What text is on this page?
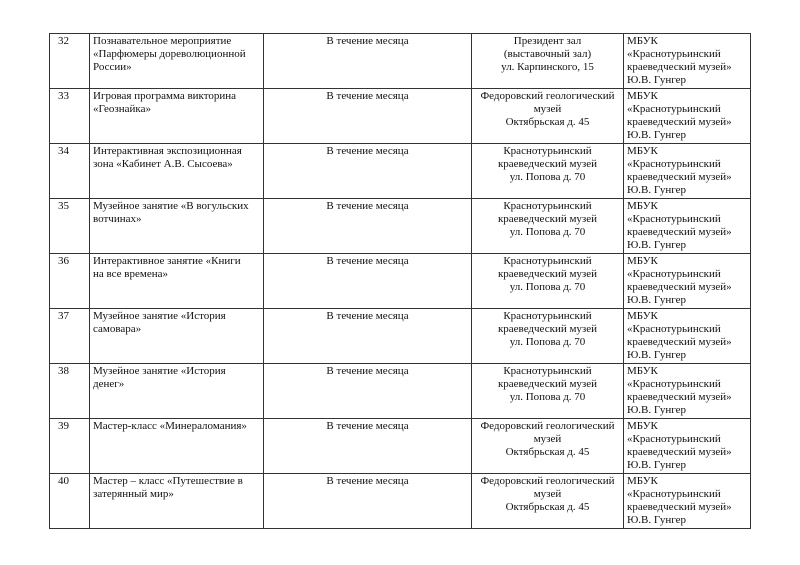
32	Познавательное мероприятие
«Парфюмеры дореволюционной
России»	В течение месяца	Президент зал
(выставочный зал)
ул. Карпинского, 15	МБУК
«Краснотурьинский
краеведческий музей»
Ю.В. Гунгер

33	Игровая программа викторина
«Геознайка»	В течение месяца	Федоровский геологический
музей
Октябрьская д. 45	МБУК
«Краснотурьинский
краеведческий музей»
Ю.В. Гунгер

34	Интерактивная экспозиционная
зона «Кабинет А.В. Сысоева»	В течение месяца	Краснотурьинский
краеведческий музей
ул. Попова д. 70	МБУК
«Краснотурьинский
краеведческий музей»
Ю.В. Гунгер

35	Музейное занятие «В вогульских
вотчинах»	В течение месяца	Краснотурьинский
краеведческий музей
ул. Попова д. 70	МБУК
«Краснотурьинский
краеведческий музей»
Ю.В. Гунгер

36	Интерактивное занятие «Книги
на все времена»	В течение месяца	Краснотурьинский
краеведческий музей
ул. Попова д. 70	МБУК
«Краснотурьинский
краеведческий музей»
Ю.В. Гунгер

37	Музейное занятие «История
самовара»	В течение месяца	Краснотурьинский
краеведческий музей
ул. Попова д. 70	МБУК
«Краснотурьинский
краеведческий музей»
Ю.В. Гунгер

38	Музейное занятие «История
денег»	В течение месяца	Краснотурьинский
краеведческий музей
ул. Попова д. 70	МБУК
«Краснотурьинский
краеведческий музей»
Ю.В. Гунгер

39	Мастер-класс «Минераломания»	В течение месяца	Федоровский геологический
музей
Октябрьская д. 45	МБУК
«Краснотурьинский
краеведческий музей»
Ю.В. Гунгер

40	Мастер – класс «Путешествие в
затерянный мир»	В течение месяца	Федоровский геологический
музей
Октябрьская д. 45	МБУК
«Краснотурьинский
краеведческий музей»
Ю.В. Гунгер
